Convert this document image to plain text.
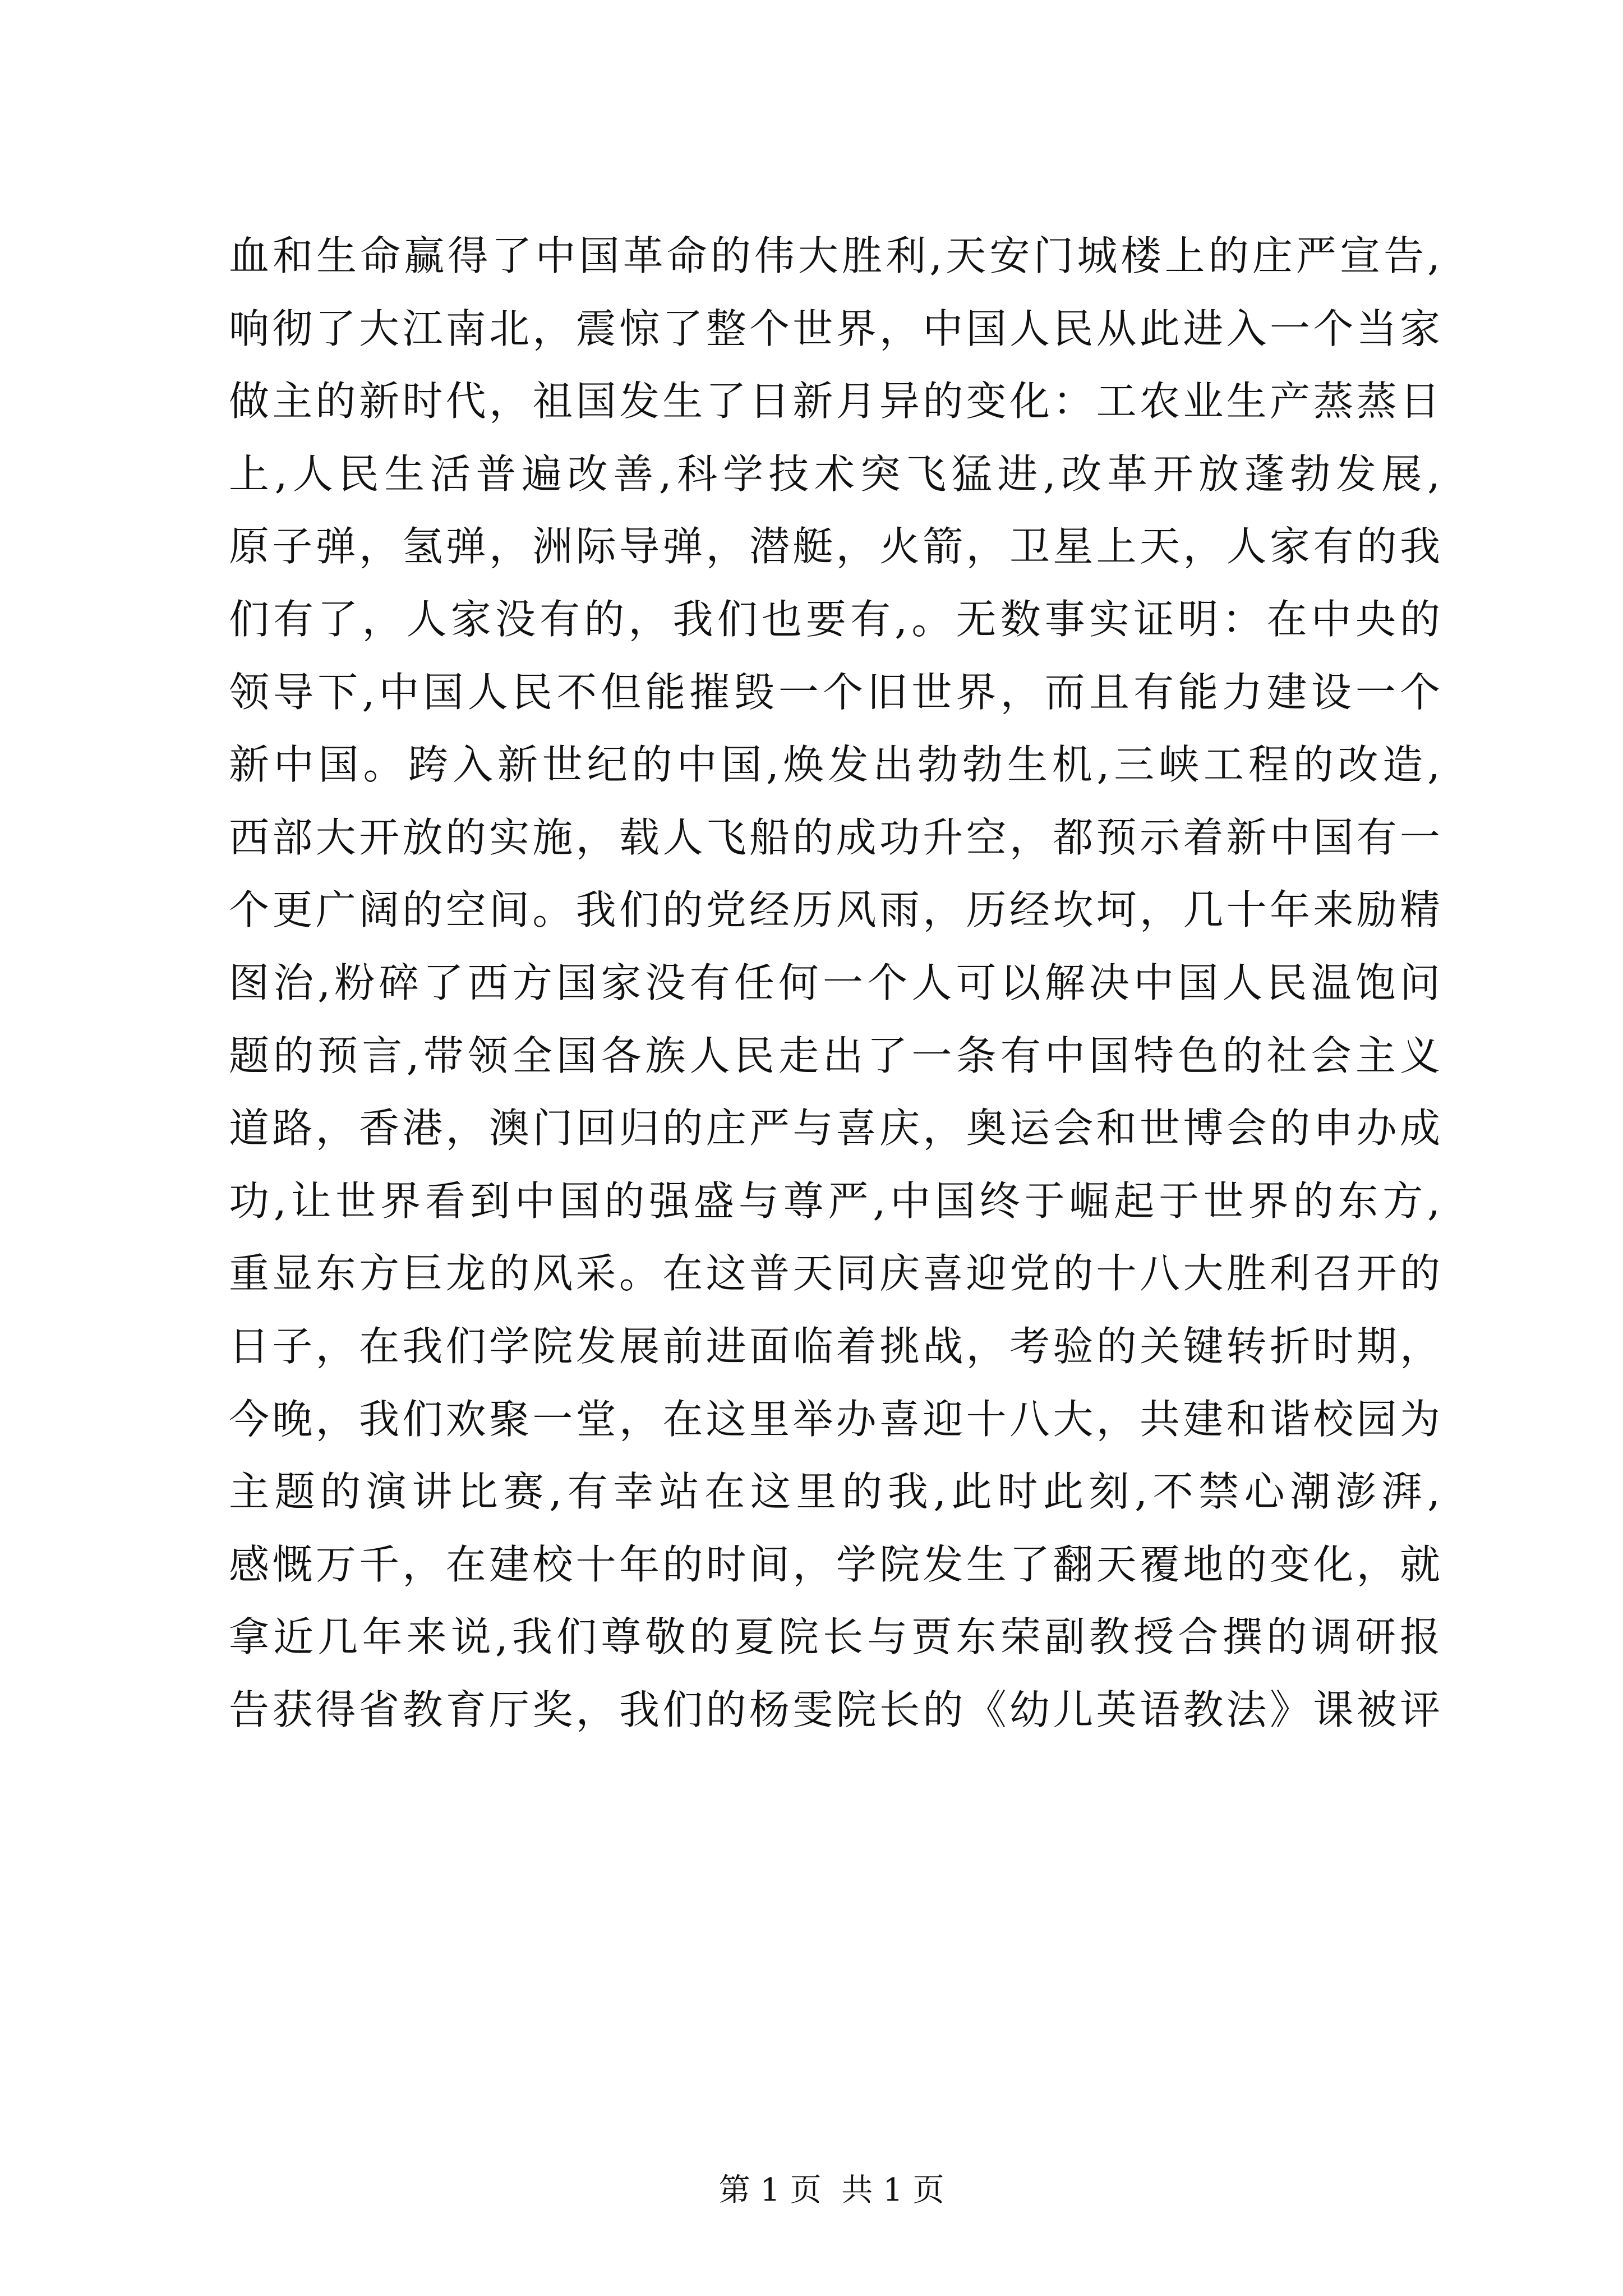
血和生命赢得了中国革命的伟大胜利,天安门城楼上的庄严宣告,
响彻了大江南北，震惊了整个世界，中国人民从此进入一个当家
做主的新时代，祖国发生了日新月异的变化：工农业生产蒸蒸日
上,人民生活普遍改善,科学技术突飞猛进,改革开放蓬勃发展,
原子弹，氢弹，洲际导弹，潜艇，火箭，卫星上天，人家有的我
们有了，人家没有的，我们也要有,。无数事实证明：在中央的
领导下,中国人民不但能摧毁一个旧世界，而且有能力建设一个
新中国。跨入新世纪的中国,焕发出勃勃生机,三峡工程的改造,
西部大开放的实施，载人飞船的成功升空，都预示着新中国有一
个更广阔的空间。我们的党经历风雨，历经坎坷，几十年来励精
图治,粉碎了西方国家没有任何一个人可以解决中国人民温饱问
题的预言,带领全国各族人民走出了一条有中国特色的社会主义
道路，香港，澳门回归的庄严与喜庆，奥运会和世博会的申办成
功,让世界看到中国的强盛与尊严,中国终于崛起于世界的东方,
重显东方巨龙的风采。在这普天同庆喜迎党的十八大胜利召开的
日子，在我们学院发展前进面临着挑战，考验的关键转折时期，
今晚，我们欢聚一堂，在这里举办喜迎十八大，共建和谐校园为
主题的演讲比赛,有幸站在这里的我,此时此刻,不禁心潮澎湃,
感慨万千，在建校十年的时间，学院发生了翻天覆地的变化，就
拿近几年来说,我们尊敬的夏院长与贾东荣副教授合撰的调研报
告获得省教育厅奖，我们的杨雯院长的《幼儿英语教法》课被评

第 1 页  共 1 页
